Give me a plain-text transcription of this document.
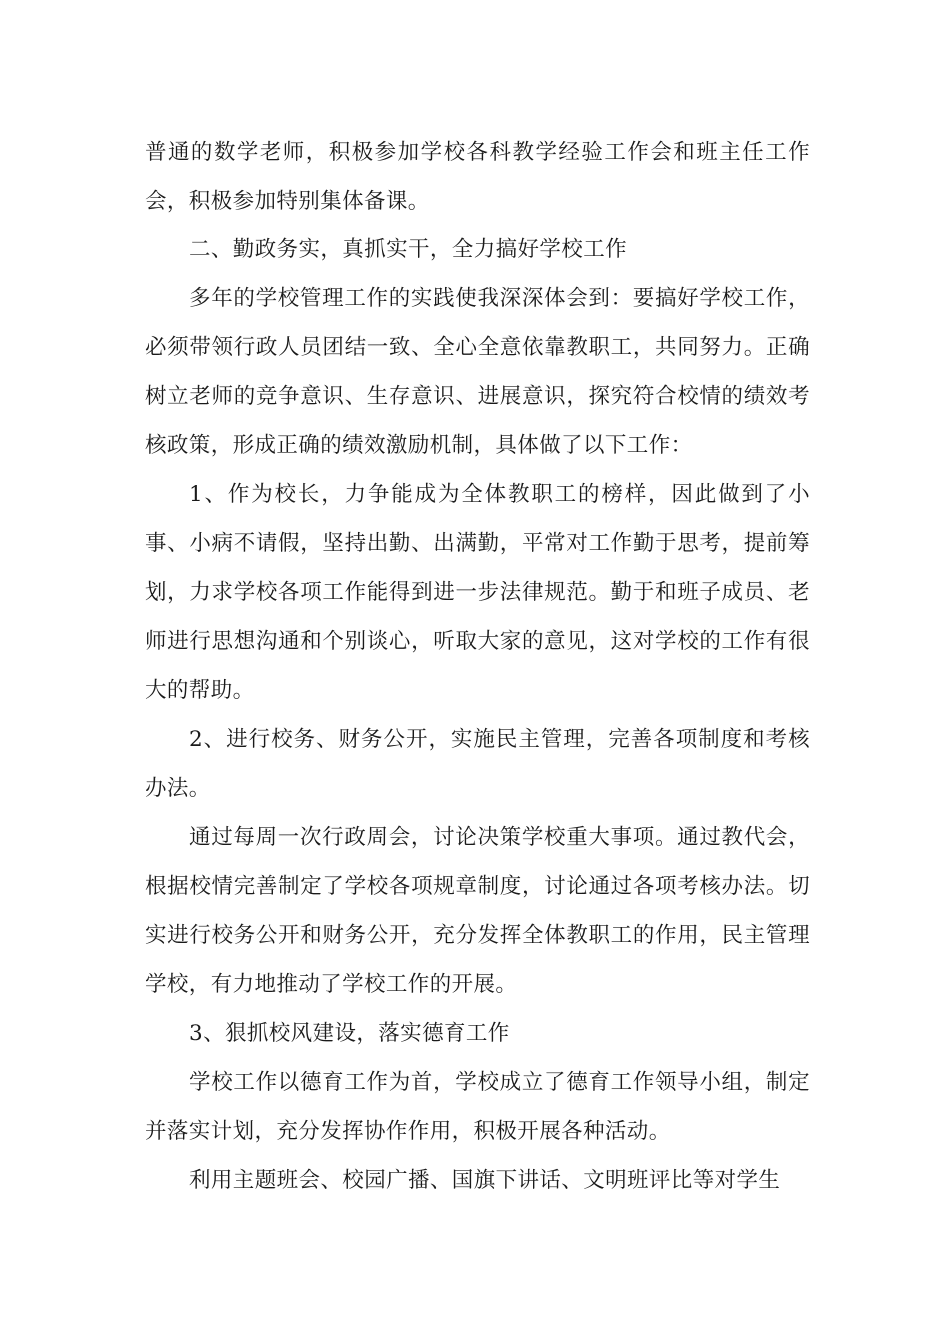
普通的数学老师，积极参加学校各科教学经验工作会和班主任工作会，积极参加特别集体备课。

二、勤政务实，真抓实干，全力搞好学校工作

多年的学校管理工作的实践使我深深体会到：要搞好学校工作，必须带领行政人员团结一致、全心全意依靠教职工，共同努力。正确树立老师的竞争意识、生存意识、进展意识，探究符合校情的绩效考核政策，形成正确的绩效激励机制，具体做了以下工作：

1、作为校长，力争能成为全体教职工的榜样，因此做到了小事、小病不请假，坚持出勤、出满勤，平常对工作勤于思考，提前筹划，力求学校各项工作能得到进一步法律规范。勤于和班子成员、老师进行思想沟通和个别谈心，听取大家的意见，这对学校的工作有很大的帮助。

2、进行校务、财务公开，实施民主管理，完善各项制度和考核办法。

通过每周一次行政周会，讨论决策学校重大事项。通过教代会，根据校情完善制定了学校各项规章制度，讨论通过各项考核办法。切实进行校务公开和财务公开，充分发挥全体教职工的作用，民主管理学校，有力地推动了学校工作的开展。

3、狠抓校风建设，落实德育工作

学校工作以德育工作为首，学校成立了德育工作领导小组，制定并落实计划，充分发挥协作作用，积极开展各种活动。

利用主题班会、校园广播、国旗下讲话、文明班评比等对学生
